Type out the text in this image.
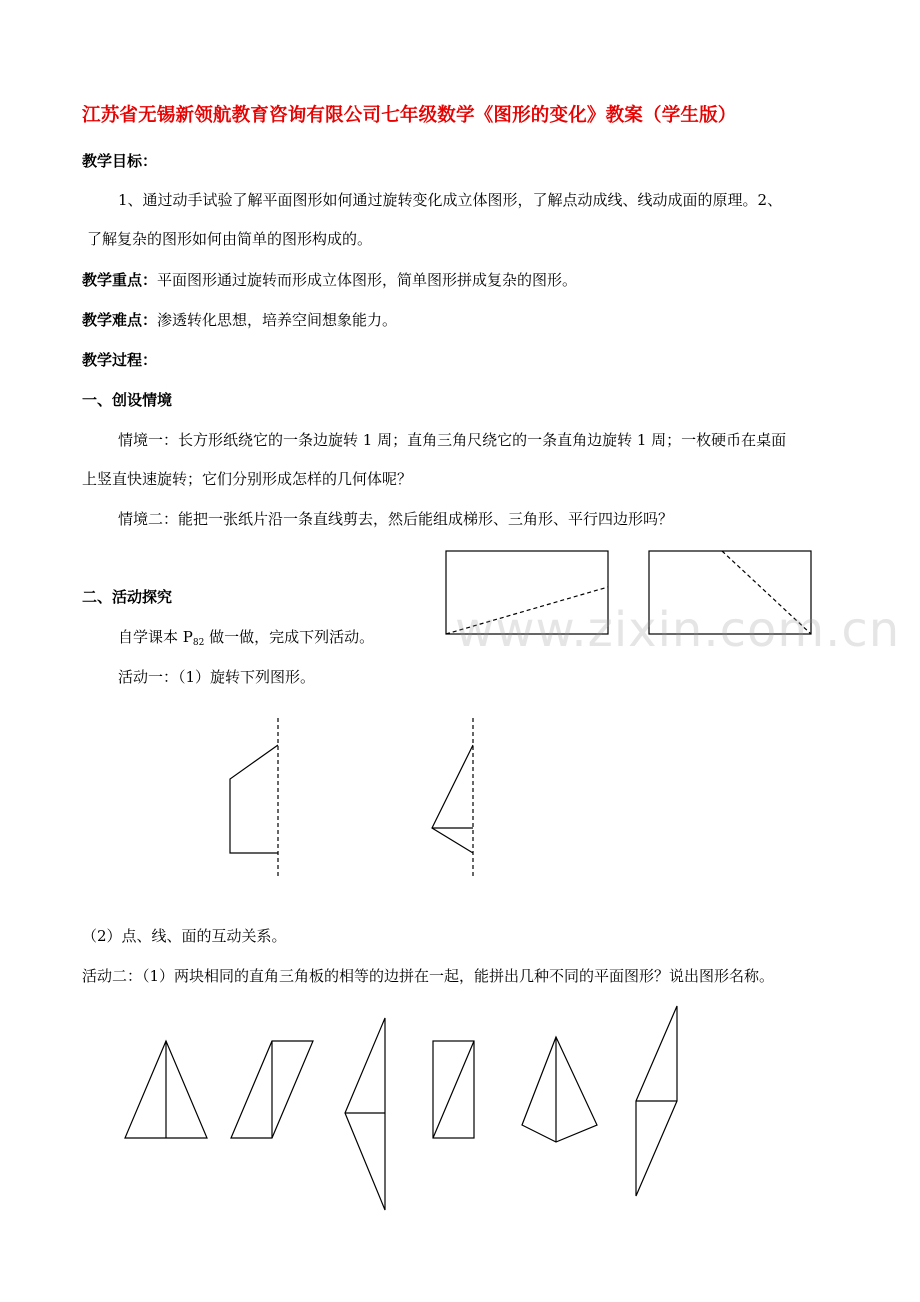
江苏省无锡新领航教育咨询有限公司七年级数学《图形的变化》教案（学生版）
教学目标：
1、通过动手试验了解平面图形如何通过旋转变化成立体图形，了解点动成线、线动成面的原理。2、
了解复杂的图形如何由简单的图形构成的。
教学重点：平面图形通过旋转而形成立体图形，简单图形拼成复杂的图形。
教学难点：渗透转化思想，培养空间想象能力。
教学过程：
一、创设情境
情境一：长方形纸绕它的一条边旋转 1 周；直角三角尺绕它的一条直角边旋转 1 周；一枚硬币在桌面
上竖直快速旋转；它们分别形成怎样的几何体呢？
情境二：能把一张纸片沿一条直线剪去，然后能组成梯形、三角形、平行四边形吗？
二、活动探究
自学课本 $P_{82}$ 做一做，完成下列活动。
活动一：（1）旋转下列图形。
（2）点、线、面的互动关系。
活动二：（1）两块相同的直角三角板的相等的边拼在一起，能拼出几种不同的平面图形？说出图形名称。
www.zixin.com.cn
